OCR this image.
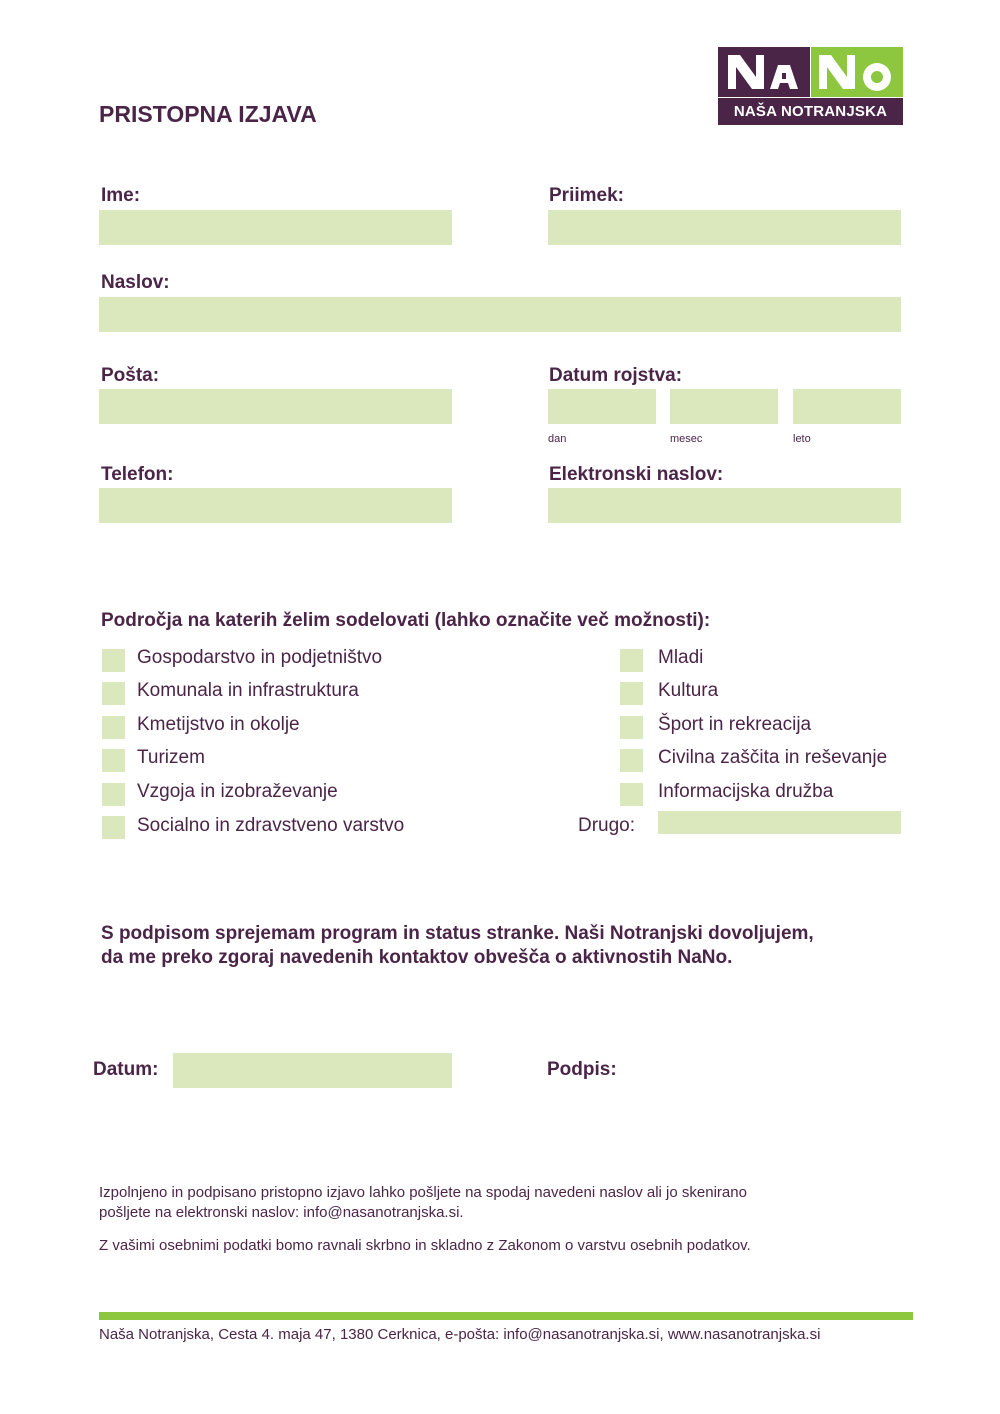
NAŠA NOTRANJSKA
PRISTOPNA IZJAVA
Ime:	Priimek:
Naslov:
Pošta:	Datum rojstva:
dan	mesec	leto
Telefon:	Elektronski naslov:
Področja na katerih želim sodelovati (lahko označite več možnosti):
Gospodarstvo in podjetništvo
Komunala in infrastruktura
Kmetijstvo in okolje
Turizem
Vzgoja in izobraževanje
Socialno in zdravstveno varstvo
Mladi
Kultura
Šport in rekreacija
Civilna zaščita in reševanje
Informacijska družba
Drugo:
S podpisom sprejemam program in status stranke. Naši Notranjski dovoljujem,
da me preko zgoraj navedenih kontaktov obvešča o aktivnostih NaNo.
Datum:	Podpis:
Izpolnjeno in podpisano pristopno izjavo lahko pošljete na spodaj navedeni naslov ali jo skenirano
pošljete na elektronski naslov: info@nasanotranjska.si.
Z vašimi osebnimi podatki bomo ravnali skrbno in skladno z Zakonom o varstvu osebnih podatkov.
Naša Notranjska, Cesta 4. maja 47, 1380 Cerknica, e-pošta: info@nasanotranjska.si, www.nasanotranjska.si
